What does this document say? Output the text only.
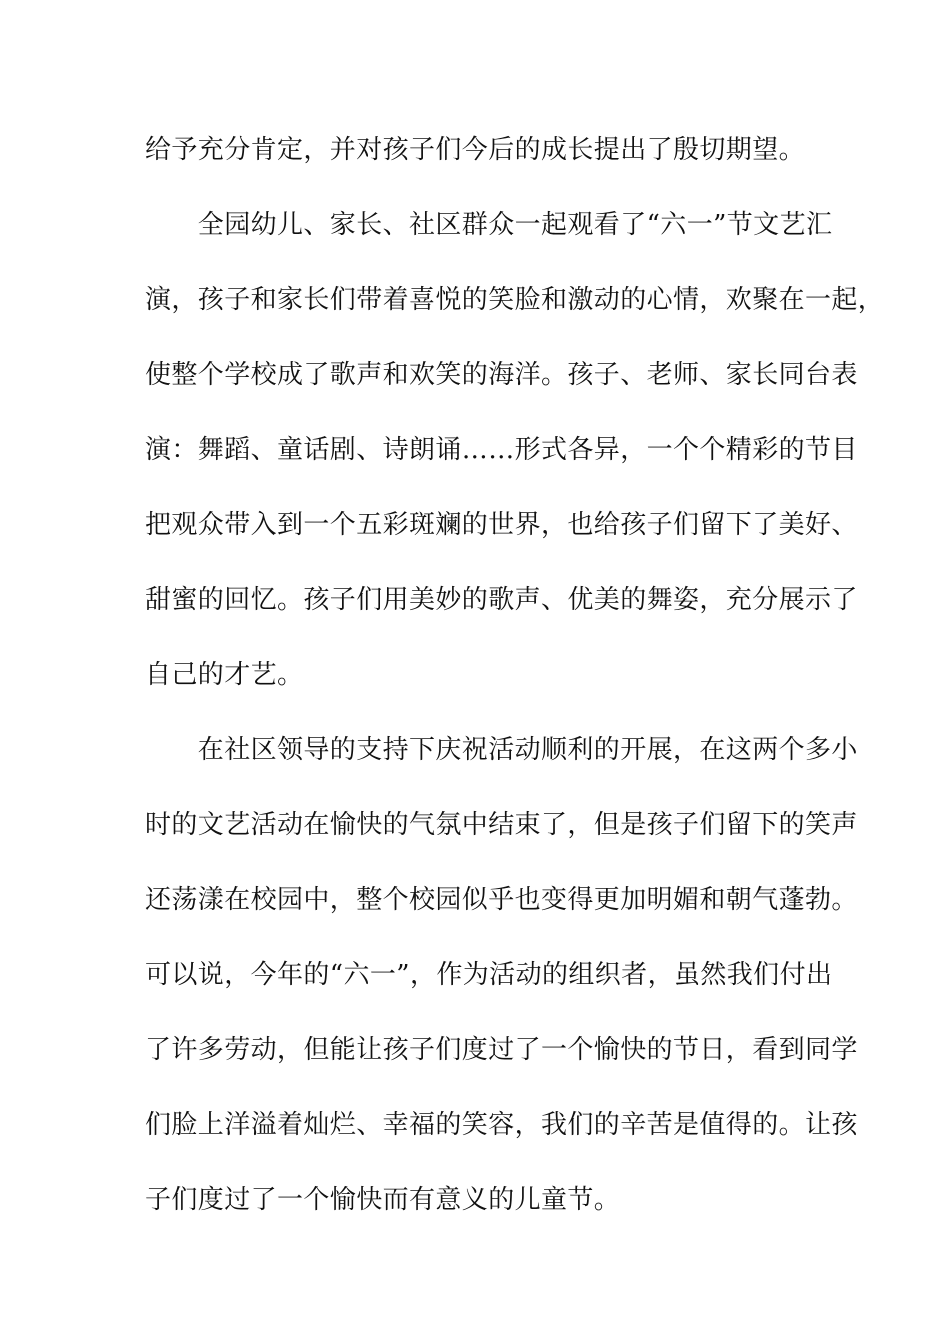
给予充分肯定，并对孩子们今后的成长提出了殷切期望。
　　全园幼儿、家长、社区群众一起观看了“六一”节文艺汇
演，孩子和家长们带着喜悦的笑脸和激动的心情，欢聚在一起，
使整个学校成了歌声和欢笑的海洋。孩子、老师、家长同台表
演：舞蹈、童话剧、诗朗诵……形式各异，一个个精彩的节目
把观众带入到一个五彩斑斓的世界，也给孩子们留下了美好、
甜蜜的回忆。孩子们用美妙的歌声、优美的舞姿，充分展示了
自己的才艺。
　　在社区领导的支持下庆祝活动顺利的开展，在这两个多小
时的文艺活动在愉快的气氛中结束了，但是孩子们留下的笑声
还荡漾在校园中，整个校园似乎也变得更加明媚和朝气蓬勃。
可以说，今年的“六一”，作为活动的组织者，虽然我们付出
了许多劳动，但能让孩子们度过了一个愉快的节日，看到同学
们脸上洋溢着灿烂、幸福的笑容，我们的辛苦是值得的。让孩
子们度过了一个愉快而有意义的儿童节。
